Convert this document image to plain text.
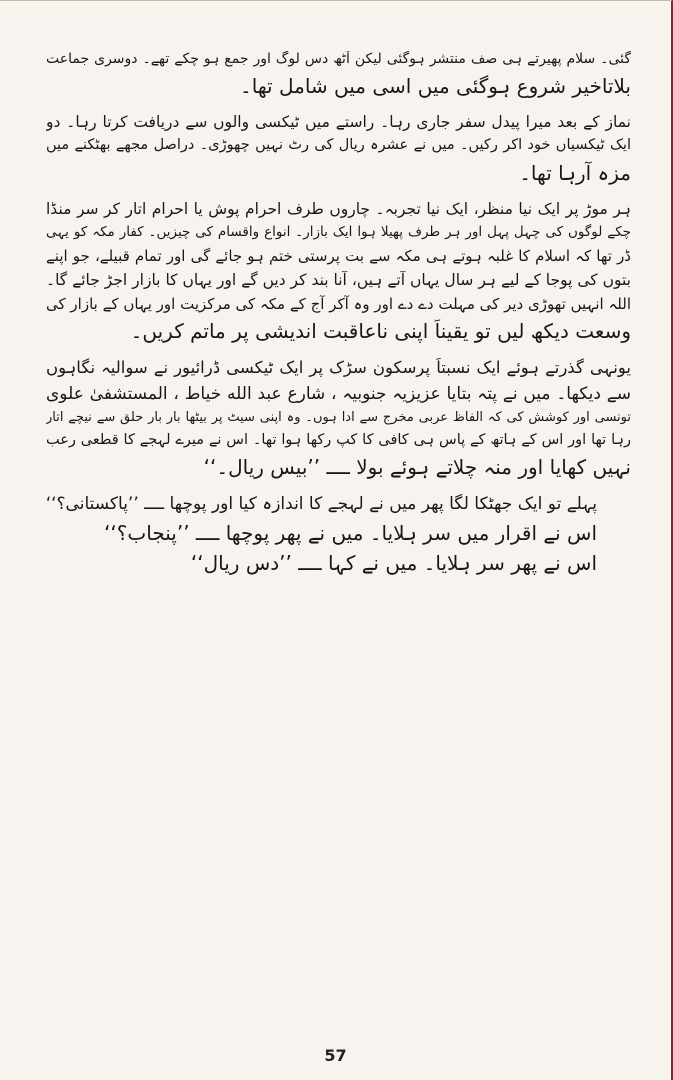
گئی۔ سلام پھیرتے ہی صف منتشر ہوگئی لیکن آٹھ دس لوگ اور جمع ہو چکے تھے۔ دوسری جماعت

بلاتاخیر شروع ہوگئی میں اسی میں شامل تھا۔

نماز کے بعد میرا پیدل سفر جاری رہا۔ راستے میں ٹیکسی والوں سے دریافت کرتا رہا۔ دو

ایک ٹیکسیاں خود آکر رکیں۔ میں نے عشرہ ریال کی رٹ نہیں چھوڑی۔ دراصل مجھے بھٹکنے میں

مزہ آرہا تھا۔

ہر موڑ پر ایک نیا منظر، ایک نیا تجربہ۔ چاروں طرف احرام پوش یا احرام اتار کر سر منڈا

چکے لوگوں کی چہل پہل اور ہر طرف پھیلا ہوا ایک بازار۔ انواع واقسام کی چیزیں۔ کفار مکہ کو یہی

ڈر تھا کہ اسلام کا غلبہ ہوتے ہی مکہ سے بت پرستی ختم ہو جائے گی اور تمام قبیلے، جو اپنے

بتوں کی پوجا کے لیے ہر سال یہاں آتے ہیں، آنا بند کر دیں گے اور یہاں کا بازار اجڑ جائے گا۔

اللہ انہیں تھوڑی دیر کی مہلت دے دے اور وہ آکر آج کے مکہ کی مرکزیت اور یہاں کے بازار کی

وسعت دیکھ لیں تو یقیناً اپنی ناعاقبت اندیشی پر ماتم کریں۔

یونہی گذرتے ہوئے ایک نسبتاً پرسکون سڑک پر ایک ٹیکسی ڈرائیور نے سوالیہ نگاہوں

سے دیکھا۔ میں نے پتہ بتایا عزیزیہ جنوبیہ ، شارع عبد الله خیاط ، المستشفیٰ علوی

تونسی اور کوشش کی کہ الفاظ عربی مخرج سے ادا ہوں۔ وہ اپنی سیٹ پر بیٹھا بار بار حلق سے نیچے اتار

رہا تھا اور اس کے ہاتھ کے پاس ہی کافی کا کپ رکھا ہوا تھا۔ اس نے میرے لہجے کا قطعی رعب

نہیں کھایا اور منہ چلاتے ہوئے بولا ــــ ’’بیس ریال۔‘‘

پہلے تو ایک جھٹکا لگا پھر میں نے لہجے کا اندازہ کیا اور پوچھا ــــ ’’پاکستانی؟‘‘

اس نے اقرار میں سر ہلایا۔ میں نے پھر پوچھا ــــ ’’پنجاب؟‘‘

اس نے پھر سر ہلایا۔ میں نے کہا ــــ ’’دس ریال‘‘

57
